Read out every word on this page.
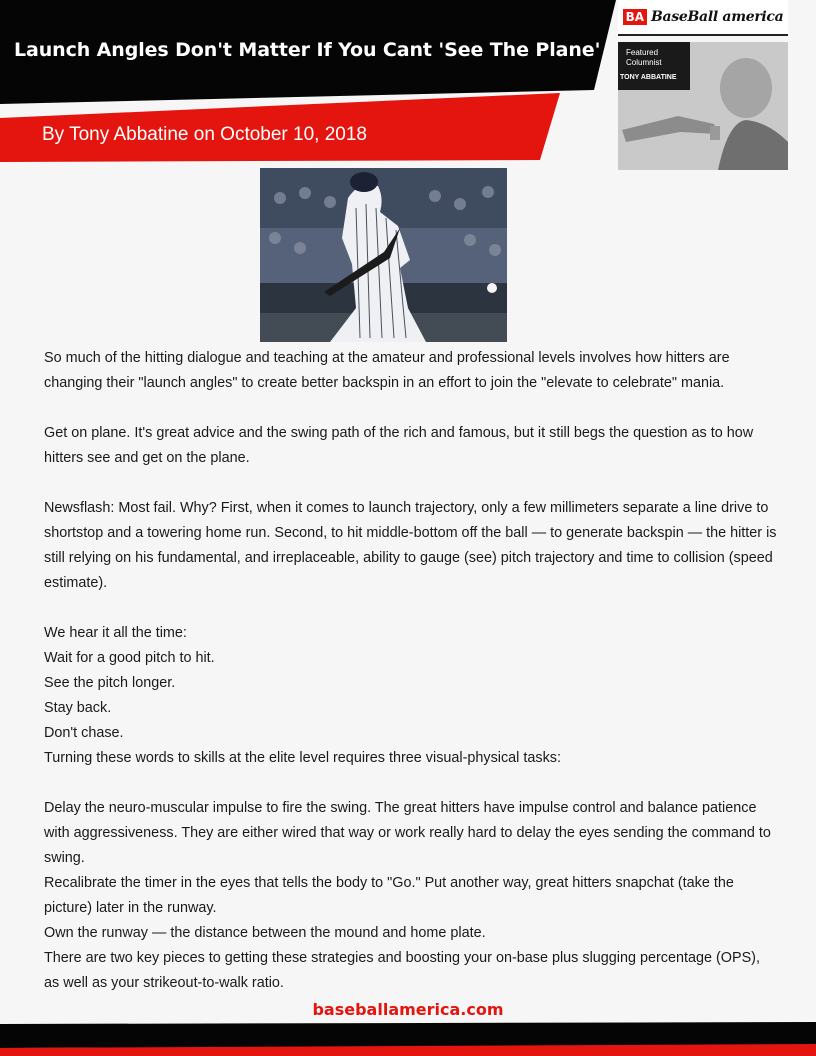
Launch Angles Don't Matter If You Cant 'See The Plane'
By Tony Abbatine on October 10, 2018
BA BaseBall america
Featured
Columnist
TONY ABBATINE

So much of the hitting dialogue and teaching at the amateur and professional levels involves how hitters are changing their "launch angles" to create better backspin in an effort to join the "elevate to celebrate" mania.

Get on plane. It's great advice and the swing path of the rich and famous, but it still begs the question as to how hitters see and get on the plane.

Newsflash: Most fail. Why? First, when it comes to launch trajectory, only a few millimeters separate a line drive to shortstop and a towering home run. Second, to hit middle-bottom off the ball — to generate backspin — the hitter is still relying on his fundamental, and irreplaceable, ability to gauge (see) pitch trajectory and time to collision (speed estimate).

We hear it all the time:

Wait for a good pitch to hit.

See the pitch longer.

Stay back.

Don't chase.

Turning these words to skills at the elite level requires three visual-physical tasks:

Delay the neuro-muscular impulse to fire the swing. The great hitters have impulse control and balance patience with aggressiveness. They are either wired that way or work really hard to delay the eyes sending the command to swing.

Recalibrate the timer in the eyes that tells the body to "Go." Put another way, great hitters snapchat (take the picture) later in the runway.

Own the runway — the distance between the mound and home plate.

There are two key pieces to getting these strategies and boosting your on-base plus slugging percentage (OPS), as well as your strikeout-to-walk ratio.

baseballamerica.com
